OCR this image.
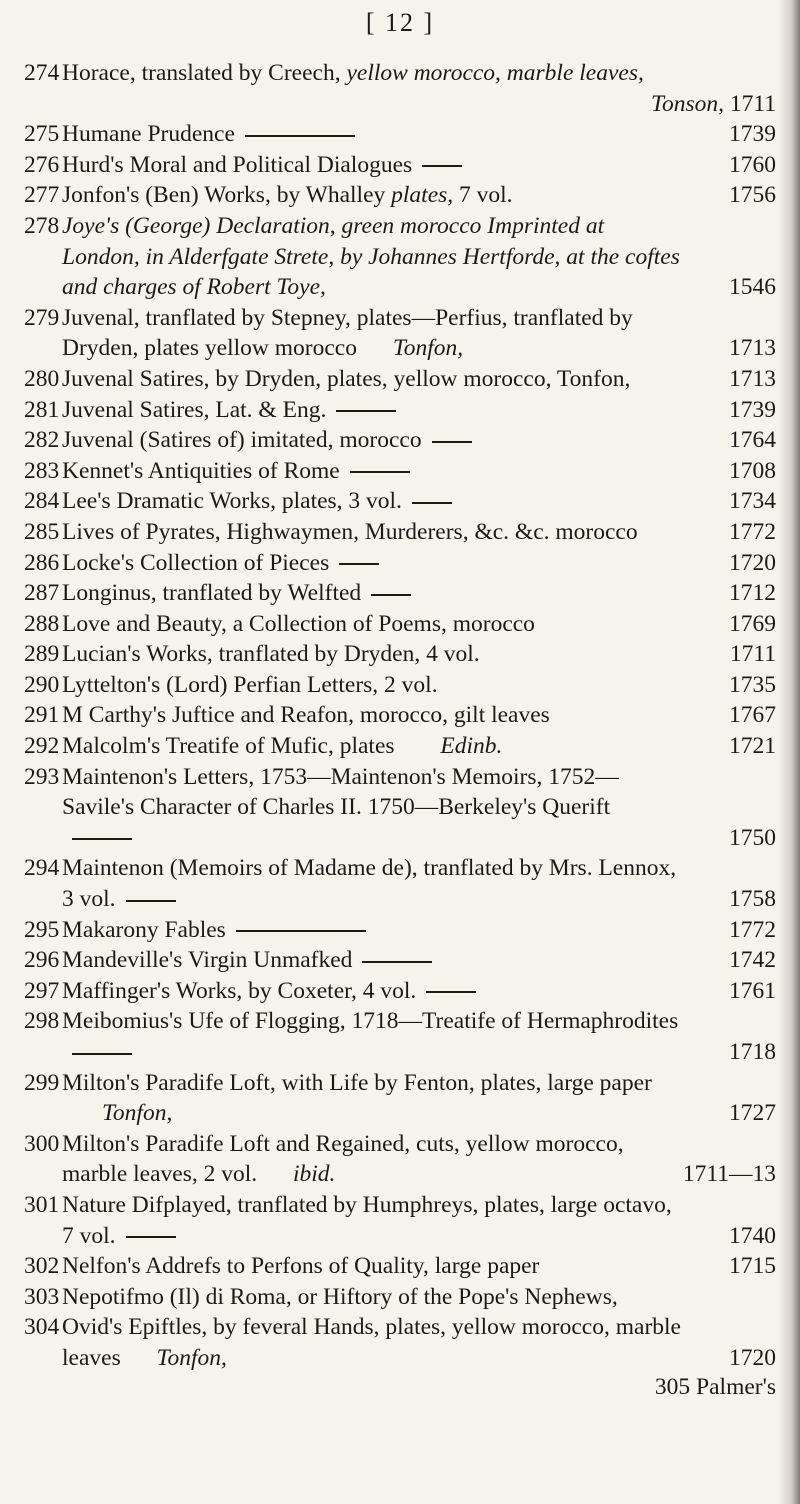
[ 12 ]
274 Horace, translated by Creech, yellow morocco, marble leaves,
Tonson, 1711
275 Humane Prudence	1739
276 Hurd's Moral and Political Dialogues	1760
277 Jonfon's (Ben) Works, by Whalley plates, 7 vol.	1756
278 Joye's (George) Declaration, green morocco Imprinted at London, in Alderfgate Strete, by Johannes Hertforde, at the coftes and charges of Robert Toye,	1546
279 Juvenal, tranflated by Stepney, plates—Perfius, tranflated by Dryden, plates yellow morocco Tonfon,	1713
280 Juvenal Satires, by Dryden, plates, yellow morocco, Tonfon,	1713
281 Juvenal Satires, Lat. & Eng.	1739
282 Juvenal (Satires of) imitated, morocco	1764
283 Kennet's Antiquities of Rome	1708
284 Lee's Dramatic Works, plates, 3 vol.	1734
285 Lives of Pyrates, Highwaymen, Murderers, &c. &c. morocco	1772
286 Locke's Collection of Pieces	1720
287 Longinus, tranflated by Welfted	1712
288 Love and Beauty, a Collection of Poems, morocco	1769
289 Lucian's Works, tranflated by Dryden, 4 vol.	1711
290 Lyttelton's (Lord) Perfian Letters, 2 vol.	1735
291 M Carthy's Juftice and Reafon, morocco, gilt leaves	1767
292 Malcolm's Treatife of Mufic, plates Edinb.	1721
293 Maintenon's Letters, 1753—Maintenon's Memoirs, 1752—Savile's Character of Charles II. 1750—Berkeley's Querift
1750
294 Maintenon (Memoirs of Madame de), tranflated by Mrs. Lennox, 3 vol.	1758
295 Makarony Fables	1772
296 Mandeville's Virgin Unmafked	1742
297 Maffinger's Works, by Coxeter, 4 vol.	1761
298 Meibomius's Ufe of Flogging, 1718—Treatife of Hermaphrodites
1718
299 Milton's Paradife Loft, with Life by Fenton, plates, large paper Tonfon,	1727
300 Milton's Paradife Loft and Regained, cuts, yellow morocco, marble leaves, 2 vol. ibid.	1711—13
301 Nature Difplayed, tranflated by Humphreys, plates, large octavo, 7 vol.	1740
302 Nelfon's Addrefs to Perfons of Quality, large paper	1715
303 Nepotifmo (Il) di Roma, or Hiftory of the Pope's Nephews,
304 Ovid's Epiftles, by feveral Hands, plates, yellow morocco, marble leaves Tonfon,	1720
305 Palmer's
